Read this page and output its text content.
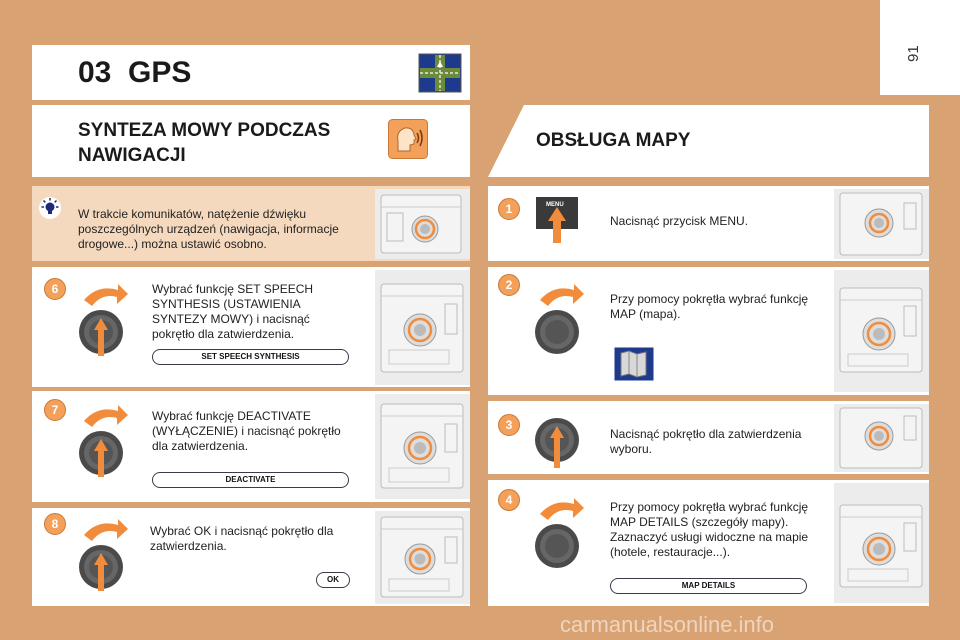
91
03 GPS
SYNTEZA MOWY PODCZAS
NAWIGACJI
W trakcie komunikatów, natężenie dźwięku
poszczególnych urządzeń (nawigacja, informacje
drogowe...) można ustawić osobno.
6	Wybrać funkcję SET SPEECH
SYNTHESIS (USTAWIENIA
SYNTEZY MOWY) i nacisnąć
pokrętło dla zatwierdzenia.
SET SPEECH SYNTHESIS
7	Wybrać funkcję DEACTIVATE
(WYŁĄCZENIE) i nacisnąć pokrętło
dla zatwierdzenia.
DEACTIVATE
8	Wybrać OK i nacisnąć pokrętło dla
zatwierdzenia.
OK
OBSŁUGA MAPY
1	MENU
Nacisnąć przycisk MENU.
2
Przy pomocy pokrętła wybrać funkcję
MAP (mapa).
3
Nacisnąć pokrętło dla zatwierdzenia
wyboru.
4	Przy pomocy pokrętła wybrać funkcję
MAP DETAILS (szczegóły mapy).
Zaznaczyć usługi widoczne na mapie
(hotele, restauracje...).
MAP DETAILS
carmanualsonline.info
